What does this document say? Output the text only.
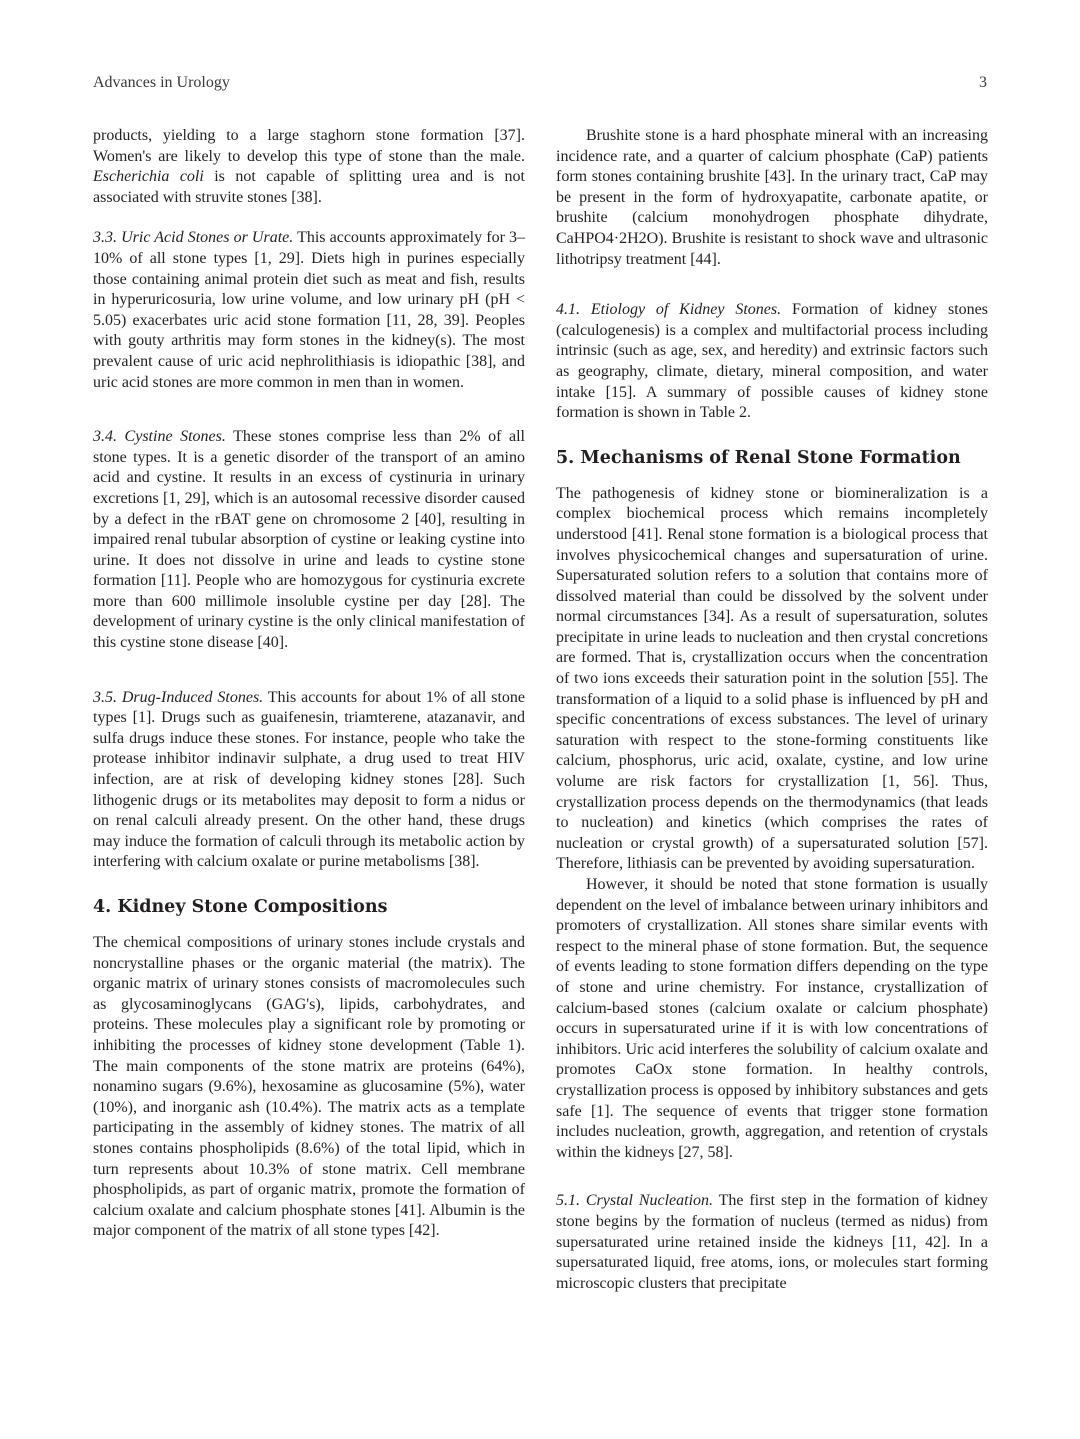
Advances in Urology	3

products, yielding to a large staghorn stone formation [37]. Women's are likely to develop this type of stone than the male. Escherichia coli is not capable of splitting urea and is not associated with struvite stones [38].

3.3. Uric Acid Stones or Urate. This accounts approximately for 3–10% of all stone types [1, 29]. Diets high in purines especially those containing animal protein diet such as meat and fish, results in hyperuricosuria, low urine volume, and low urinary pH (pH < 5.05) exacerbates uric acid stone formation [11, 28, 39]. Peoples with gouty arthritis may form stones in the kidney(s). The most prevalent cause of uric acid nephrolithiasis is idiopathic [38], and uric acid stones are more common in men than in women.

3.4. Cystine Stones. These stones comprise less than 2% of all stone types. It is a genetic disorder of the transport of an amino acid and cystine. It results in an excess of cystinuria in urinary excretions [1, 29], which is an autosomal recessive disorder caused by a defect in the rBAT gene on chromosome 2 [40], resulting in impaired renal tubular absorption of cystine or leaking cystine into urine. It does not dissolve in urine and leads to cystine stone formation [11]. People who are homozygous for cystinuria excrete more than 600 millimole insoluble cystine per day [28]. The development of urinary cystine is the only clinical manifestation of this cystine stone disease [40].

3.5. Drug-Induced Stones. This accounts for about 1% of all stone types [1]. Drugs such as guaifenesin, triamterene, atazanavir, and sulfa drugs induce these stones. For instance, people who take the protease inhibitor indinavir sulphate, a drug used to treat HIV infection, are at risk of developing kidney stones [28]. Such lithogenic drugs or its metabolites may deposit to form a nidus or on renal calculi already present. On the other hand, these drugs may induce the formation of calculi through its metabolic action by interfering with calcium oxalate or purine metabolisms [38].

4. Kidney Stone Compositions

The chemical compositions of urinary stones include crystals and noncrystalline phases or the organic material (the matrix). The organic matrix of urinary stones consists of macromolecules such as glycosaminoglycans (GAG's), lipids, carbohydrates, and proteins. These molecules play a significant role by promoting or inhibiting the processes of kidney stone development (Table 1). The main components of the stone matrix are proteins (64%), nonamino sugars (9.6%), hexosamine as glucosamine (5%), water (10%), and inorganic ash (10.4%). The matrix acts as a template participating in the assembly of kidney stones. The matrix of all stones contains phospholipids (8.6%) of the total lipid, which in turn represents about 10.3% of stone matrix. Cell membrane phospholipids, as part of organic matrix, promote the formation of calcium oxalate and calcium phosphate stones [41]. Albumin is the major component of the matrix of all stone types [42].

Brushite stone is a hard phosphate mineral with an increasing incidence rate, and a quarter of calcium phosphate (CaP) patients form stones containing brushite [43]. In the urinary tract, CaP may be present in the form of hydroxyapatite, carbonate apatite, or brushite (calcium monohydrogen phosphate dihydrate, CaHPO4·2H2O). Brushite is resistant to shock wave and ultrasonic lithotripsy treatment [44].

4.1. Etiology of Kidney Stones. Formation of kidney stones (calculogenesis) is a complex and multifactorial process including intrinsic (such as age, sex, and heredity) and extrinsic factors such as geography, climate, dietary, mineral composition, and water intake [15]. A summary of possible causes of kidney stone formation is shown in Table 2.

5. Mechanisms of Renal Stone Formation

The pathogenesis of kidney stone or biomineralization is a complex biochemical process which remains incompletely understood [41]. Renal stone formation is a biological process that involves physicochemical changes and supersaturation of urine. Supersaturated solution refers to a solution that contains more of dissolved material than could be dissolved by the solvent under normal circumstances [34]. As a result of supersaturation, solutes precipitate in urine leads to nucleation and then crystal concretions are formed. That is, crystallization occurs when the concentration of two ions exceeds their saturation point in the solution [55]. The transformation of a liquid to a solid phase is influenced by pH and specific concentrations of excess substances. The level of urinary saturation with respect to the stone-forming constituents like calcium, phosphorus, uric acid, oxalate, cystine, and low urine volume are risk factors for crystallization [1, 56]. Thus, crystallization process depends on the thermodynamics (that leads to nucleation) and kinetics (which comprises the rates of nucleation or crystal growth) of a supersaturated solution [57]. Therefore, lithiasis can be prevented by avoiding supersaturation.

However, it should be noted that stone formation is usually dependent on the level of imbalance between urinary inhibitors and promoters of crystallization. All stones share similar events with respect to the mineral phase of stone formation. But, the sequence of events leading to stone formation differs depending on the type of stone and urine chemistry. For instance, crystallization of calcium-based stones (calcium oxalate or calcium phosphate) occurs in supersaturated urine if it is with low concentrations of inhibitors. Uric acid interferes the solubility of calcium oxalate and promotes CaOx stone formation. In healthy controls, crystallization process is opposed by inhibitory substances and gets safe [1]. The sequence of events that trigger stone formation includes nucleation, growth, aggregation, and retention of crystals within the kidneys [27, 58].

5.1. Crystal Nucleation. The first step in the formation of kidney stone begins by the formation of nucleus (termed as nidus) from supersaturated urine retained inside the kidneys [11, 42]. In a supersaturated liquid, free atoms, ions, or molecules start forming microscopic clusters that precipitate
